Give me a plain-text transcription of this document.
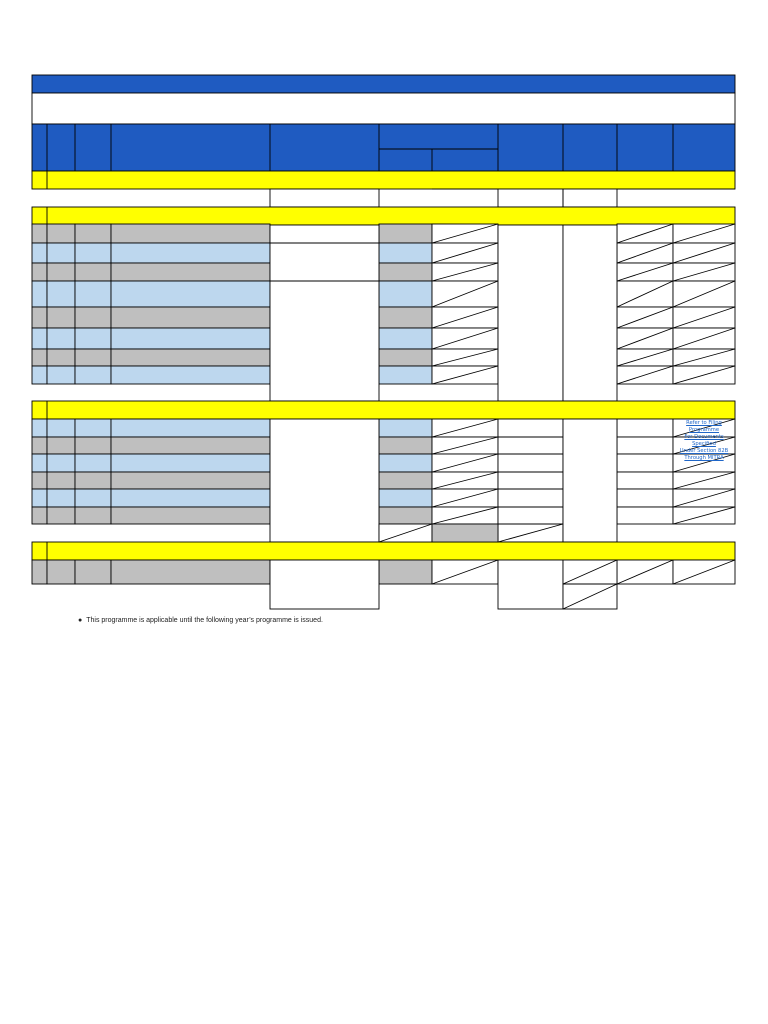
Refer to Filing Programme
For Documents Specified
Under Section 82B
Through MITRA
● This programme is applicable until the following year’s programme is issued.
